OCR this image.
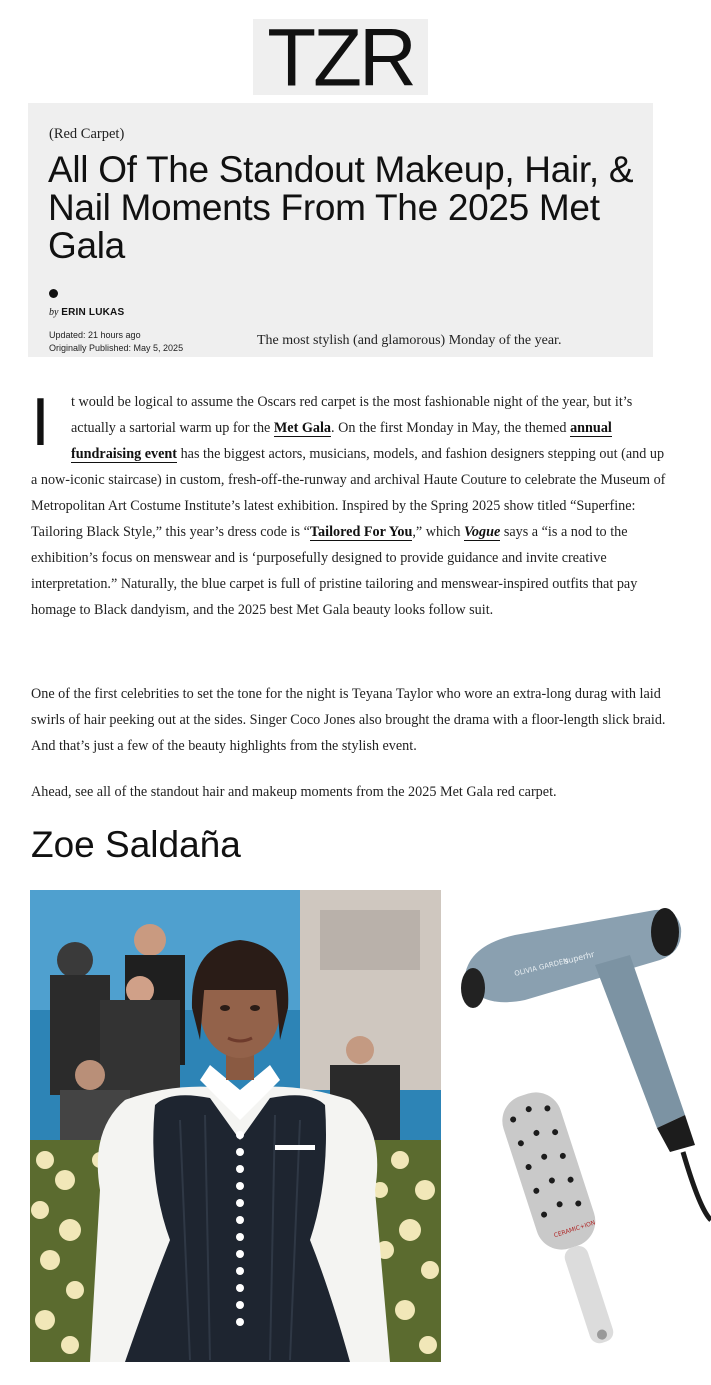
TZR
(Red Carpet)
All Of The Standout Makeup, Hair, & Nail Moments From The 2025 Met Gala
by ERIN LUKAS
Updated: 21 hours ago
Originally Published: May 5, 2025	The most stylish (and glamorous) Monday of the year.
I	t would be logical to assume the Oscars red carpet is the most fashionable night of the year, but it’s actually a sartorial warm up for the Met Gala. On the first Monday in May, the themed annual fundraising event has the biggest actors, musicians, models, and fashion designers stepping out (and up a now-iconic staircase) in custom, fresh-off-the-runway and archival Haute Couture to celebrate the Museum of Metropolitan Art Costume Institute’s latest exhibition. Inspired by the Spring 2025 show titled “Superfine: Tailoring Black Style,” this year’s dress code is “Tailored For You,” which Vogue says a “is a nod to the exhibition’s focus on menswear and is ‘purposefully designed to provide guidance and invite creative interpretation.” Naturally, the blue carpet is full of pristine tailoring and menswear-inspired outfits that pay homage to Black dandyism, and the 2025 best Met Gala beauty looks follow suit.
One of the first celebrities to set the tone for the night is Teyana Taylor who wore an extra-long durag with laid swirls of hair peeking out at the sides. Singer Coco Jones also brought the drama with a floor-length slick braid. And that’s just a few of the beauty highlights from the stylish event.
Ahead, see all of the standout hair and makeup moments from the 2025 Met Gala red carpet.
Zoe Saldaña
OLIVIA GARDEN
superhr
CERAMIC+ION
